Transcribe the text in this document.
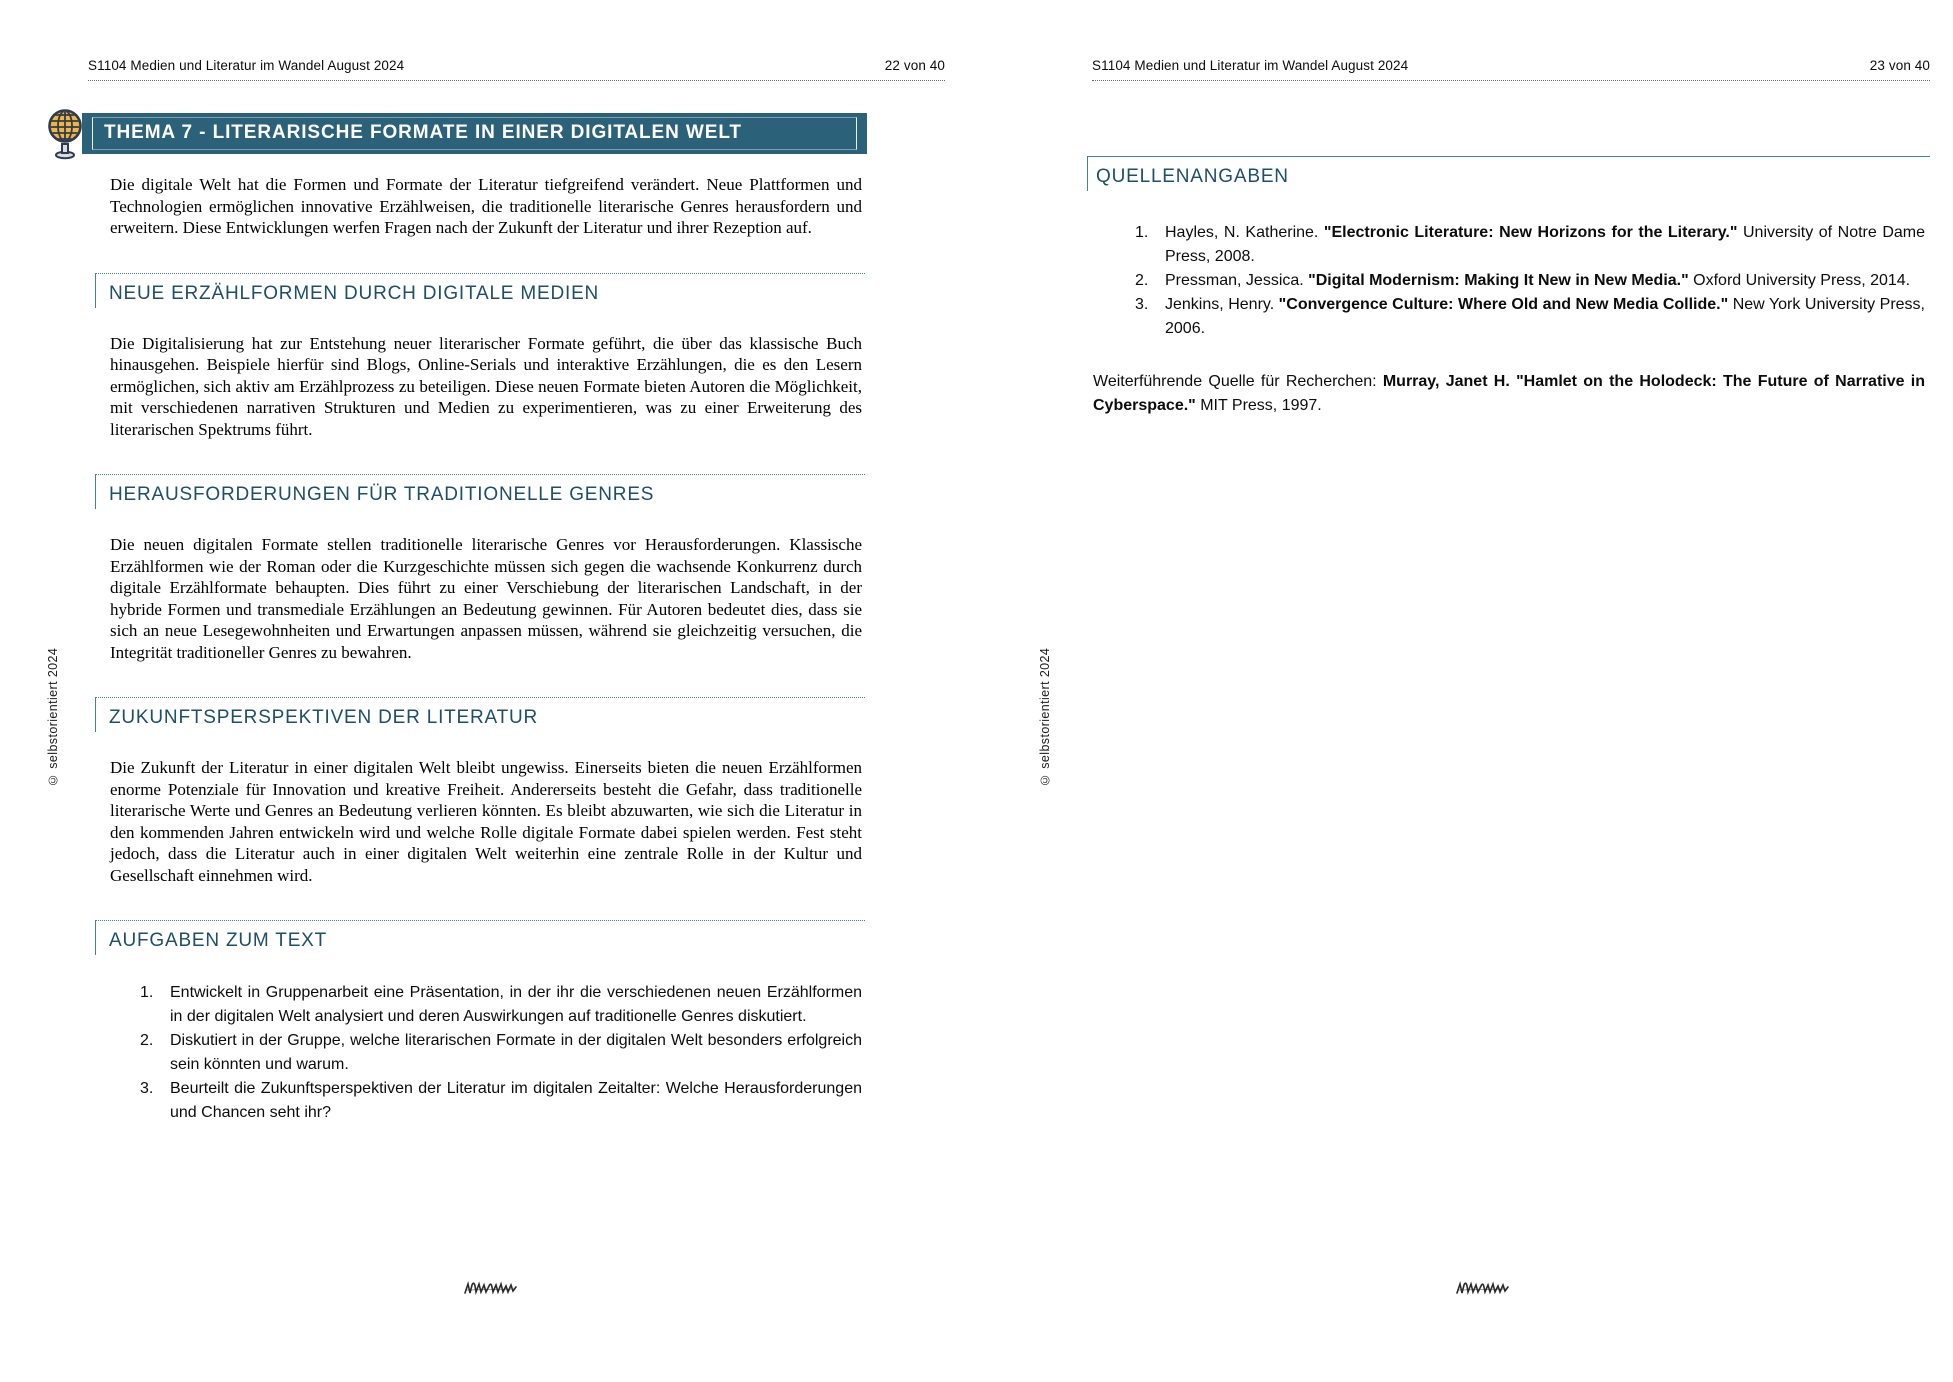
S1104 Medien und Literatur im Wandel August 2024	22 von 40
THEMA 7 - LITERARISCHE FORMATE IN EINER DIGITALEN WELT

Die digitale Welt hat die Formen und Formate der Literatur tiefgreifend verändert. Neue Plattformen und Technologien ermöglichen innovative Erzählweisen, die traditionelle literarische Genres herausfordern und erweitern. Diese Entwicklungen werfen Fragen nach der Zukunft der Literatur und ihrer Rezeption auf.

NEUE ERZÄHLFORMEN DURCH DIGITALE MEDIEN

Die Digitalisierung hat zur Entstehung neuer literarischer Formate geführt, die über das klassische Buch hinausgehen. Beispiele hierfür sind Blogs, Online-Serials und interaktive Erzählungen, die es den Lesern ermöglichen, sich aktiv am Erzählprozess zu beteiligen. Diese neuen Formate bieten Autoren die Möglichkeit, mit verschiedenen narrativen Strukturen und Medien zu experimentieren, was zu einer Erweiterung des literarischen Spektrums führt.

HERAUSFORDERUNGEN FÜR TRADITIONELLE GENRES

Die neuen digitalen Formate stellen traditionelle literarische Genres vor Herausforderungen. Klassische Erzählformen wie der Roman oder die Kurzgeschichte müssen sich gegen die wachsende Konkurrenz durch digitale Erzählformate behaupten. Dies führt zu einer Verschiebung der literarischen Landschaft, in der hybride Formen und transmediale Erzählungen an Bedeutung gewinnen. Für Autoren bedeutet dies, dass sie sich an neue Lesegewohnheiten und Erwartungen anpassen müssen, während sie gleichzeitig versuchen, die Integrität traditioneller Genres zu bewahren.

ZUKUNFTSPERSPEKTIVEN DER LITERATUR

Die Zukunft der Literatur in einer digitalen Welt bleibt ungewiss. Einerseits bieten die neuen Erzählformen enorme Potenziale für Innovation und kreative Freiheit. Andererseits besteht die Gefahr, dass traditionelle literarische Werte und Genres an Bedeutung verlieren könnten. Es bleibt abzuwarten, wie sich die Literatur in den kommenden Jahren entwickeln wird und welche Rolle digitale Formate dabei spielen werden. Fest steht jedoch, dass die Literatur auch in einer digitalen Welt weiterhin eine zentrale Rolle in der Kultur und Gesellschaft einnehmen wird.

AUFGABEN ZUM TEXT
1.	Entwickelt in Gruppenarbeit eine Präsentation, in der ihr die verschiedenen neuen Erzählformen in der digitalen Welt analysiert und deren Auswirkungen auf traditionelle Genres diskutiert.
2.	Diskutiert in der Gruppe, welche literarischen Formate in der digitalen Welt besonders erfolgreich sein könnten und warum.
3.	Beurteilt die Zukunftsperspektiven der Literatur im digitalen Zeitalter: Welche Herausforderungen und Chancen seht ihr?
© selbstorientiert 2024
S1104 Medien und Literatur im Wandel August 2024	23 von 40
QUELLENANGABEN
1.	Hayles, N. Katherine. "Electronic Literature: New Horizons for the Literary." University of Notre Dame Press, 2008.
2.	Pressman, Jessica. "Digital Modernism: Making It New in New Media." Oxford University Press, 2014.
3.	Jenkins, Henry. "Convergence Culture: Where Old and New Media Collide." New York University Press, 2006.

Weiterführende Quelle für Recherchen: Murray, Janet H. "Hamlet on the Holodeck: The Future of Narrative in Cyberspace." MIT Press, 1997.

© selbstorientiert 2024
